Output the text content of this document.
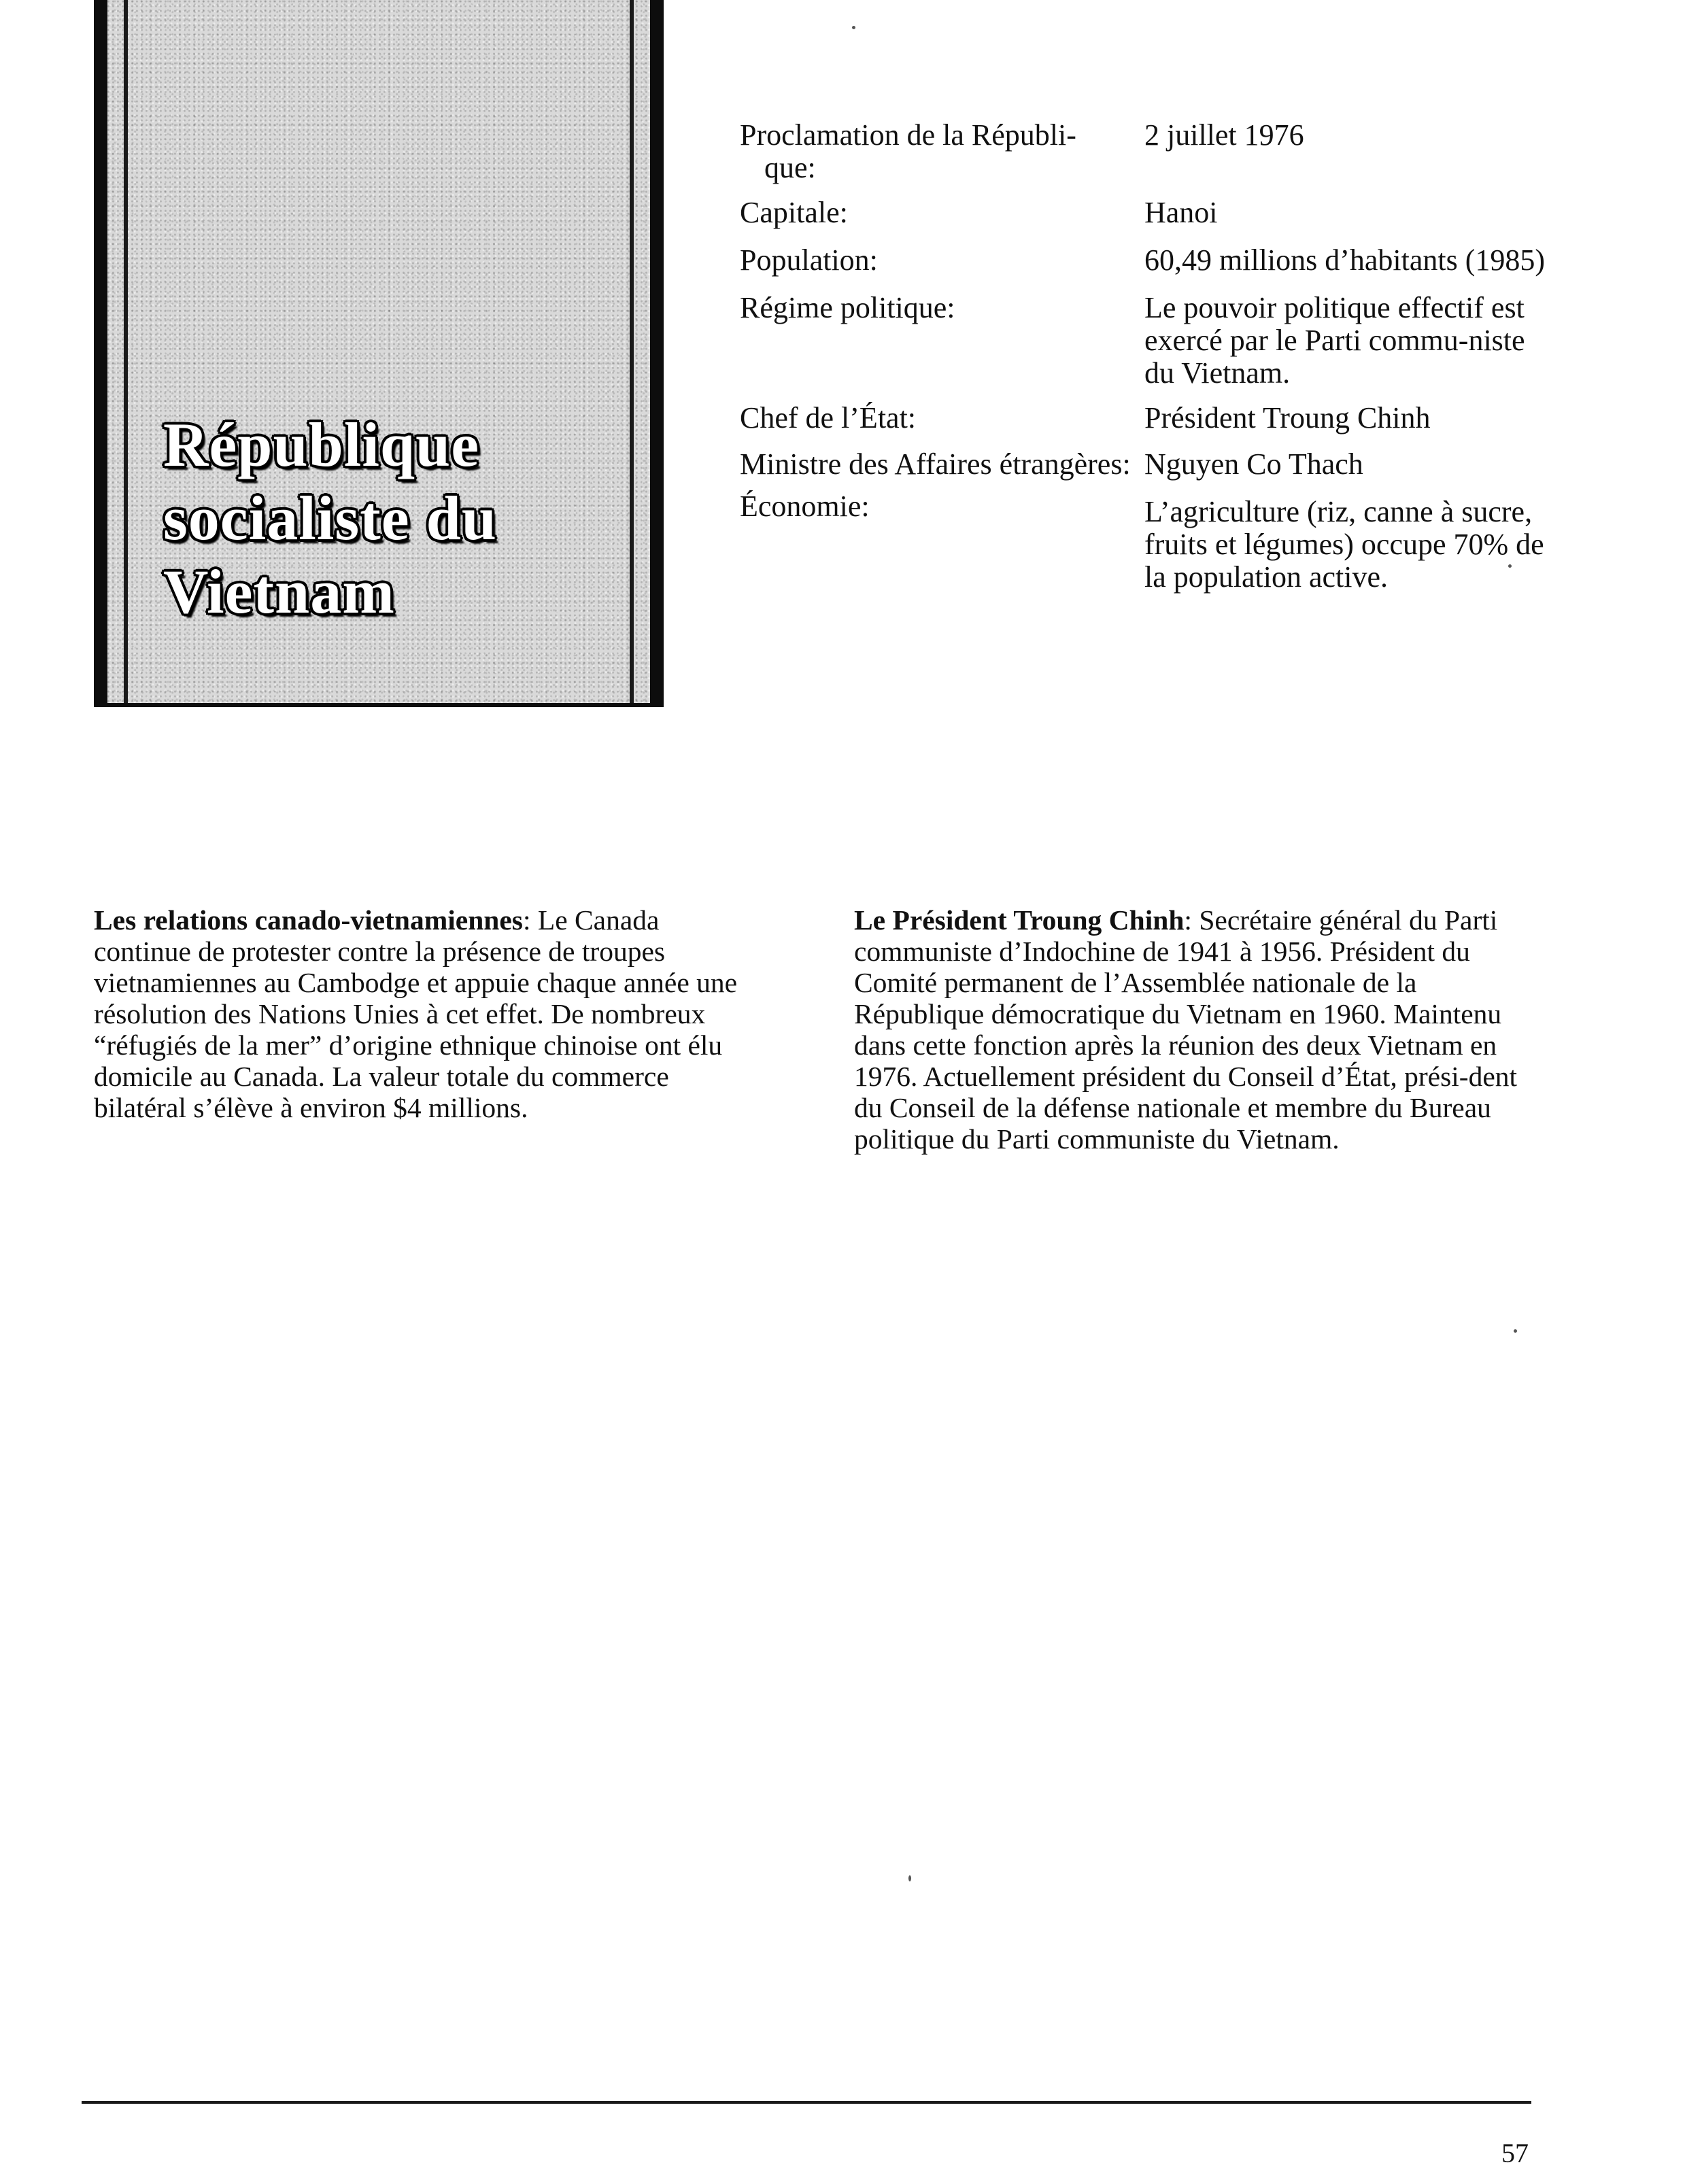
République
socialiste du
Vietnam
Proclamation de la Républi-
que:
2 juillet 1976
Capitale:	Hanoi
Population:	60,49 millions d’habitants (1985)
Régime politique:	Le pouvoir politique effectif est exercé par le Parti commu-niste du Vietnam.
Chef de l’État:	Président Troung Chinh
Ministre des Affaires étrangères: Nguyen Co Thach
Économie:	L’agriculture (riz, canne à sucre, fruits et légumes) occupe 70% de la population active.

Les relations canado-vietnamiennes: Le Canada continue de protester contre la présence de troupes vietnamiennes au Cambodge et appuie chaque année une résolution des Nations Unies à cet effet. De nombreux “réfugiés de la mer” d’origine ethnique chinoise ont élu domicile au Canada. La valeur totale du commerce bilatéral s’élève à environ $4 millions.

Le Président Troung Chinh: Secrétaire général du Parti communiste d’Indochine de 1941 à 1956. Président du Comité permanent de l’Assemblée nationale de la République démocratique du Vietnam en 1960. Maintenu dans cette fonction après la réunion des deux Vietnam en 1976. Actuellement président du Conseil d’État, prési-dent du Conseil de la défense nationale et membre du Bureau politique du Parti communiste du Vietnam.

57
